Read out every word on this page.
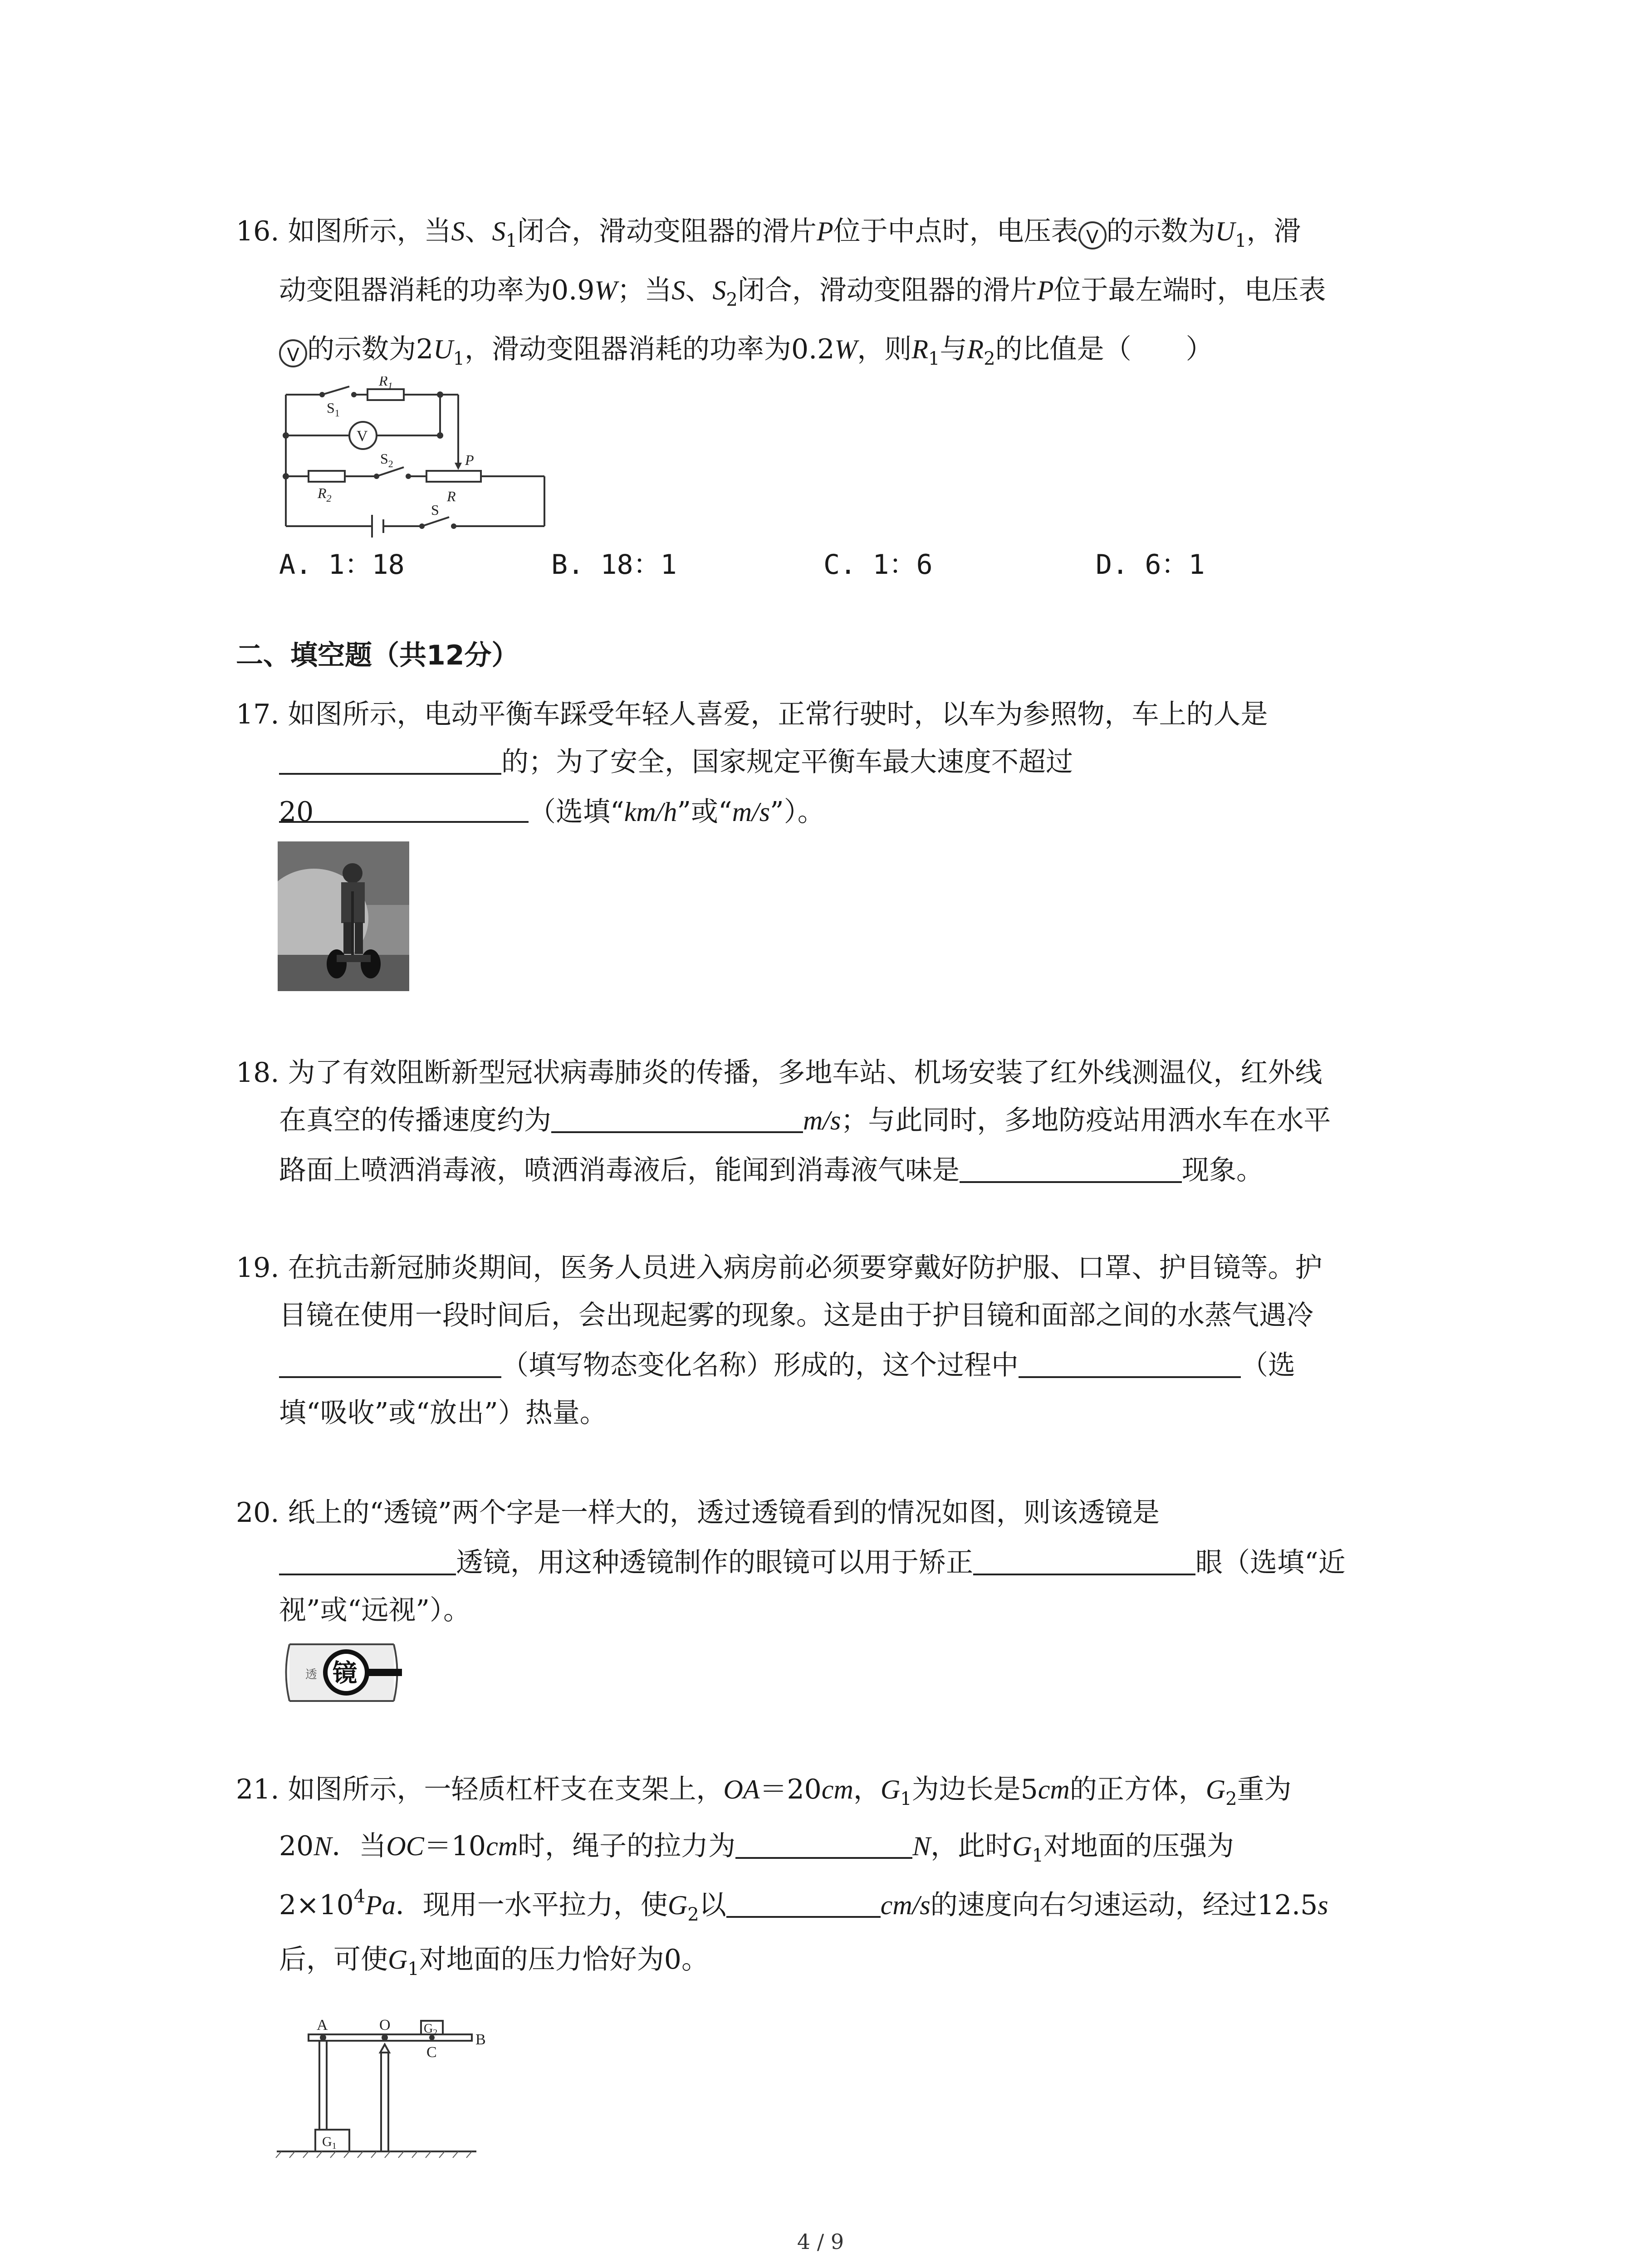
16. 如图所示，当S、$S_1$闭合，滑动变阻器的滑片P位于中点时，电压表 V 的示数为$U_1$，滑
动变阻器消耗的功率为0.9W；当S、$S_2$闭合，滑动变阻器的滑片P位于最左端时，电压表
V 的示数为$2U_1$，滑动变阻器消耗的功率为0.2W，则$R_1$与$R_2$的比值是（　　）
$S_1$
$R_1$
V
$R_2$
$S_2$	P
R
S
A. 1：18	B. 18：1	C. 1：6	D. 6：1
二、填空题（共12分）
17. 如图所示，电动平衡车踩受年轻人喜爱，正常行驶时，以车为参照物，车上的人是
的；为了安全，国家规定平衡车最大速度不超过
20	（选填“km/h”或“m/s”）。
18. 为了有效阻断新型冠状病毒肺炎的传播，多地车站、机场安装了红外线测温仪，红外线
在真空的传播速度约为	m/s；与此同时，多地防疫站用洒水车在水平
路面上喷洒消毒液，喷洒消毒液后，能闻到消毒液气味是	现象。
19. 在抗击新冠肺炎期间，医务人员进入病房前必须要穿戴好防护服、口罩、护目镜等。护
目镜在使用一段时间后，会出现起雾的现象。这是由于护目镜和面部之间的水蒸气遇冷
（填写物态变化名称）形成的，这个过程中	（选
填“吸收”或“放出”）热量。
20. 纸上的“透镜”两个字是一样大的，透过透镜看到的情况如图，则该透镜是
透镜，用这种透镜制作的眼镜可以用于矫正	眼（选填“近
视”或“远视”）。
透 镜
21. 如图所示，一轻质杠杆支在支架上，OA＝20cm，$G_1$为边长是5cm的正方体，$G_2$重为
20N．当OC＝10cm时，绳子的拉力为	N，此时$G_1$对地面的压强为
$2\times 10^4Pa$．现用一水平拉力，使$G_2$以	cm/s的速度向右匀速运动，经过12.5s
后，可使$G_1$对地面的压力恰好为0。
A	O	$G_2$
C
B
$G_1$
4 / 9
